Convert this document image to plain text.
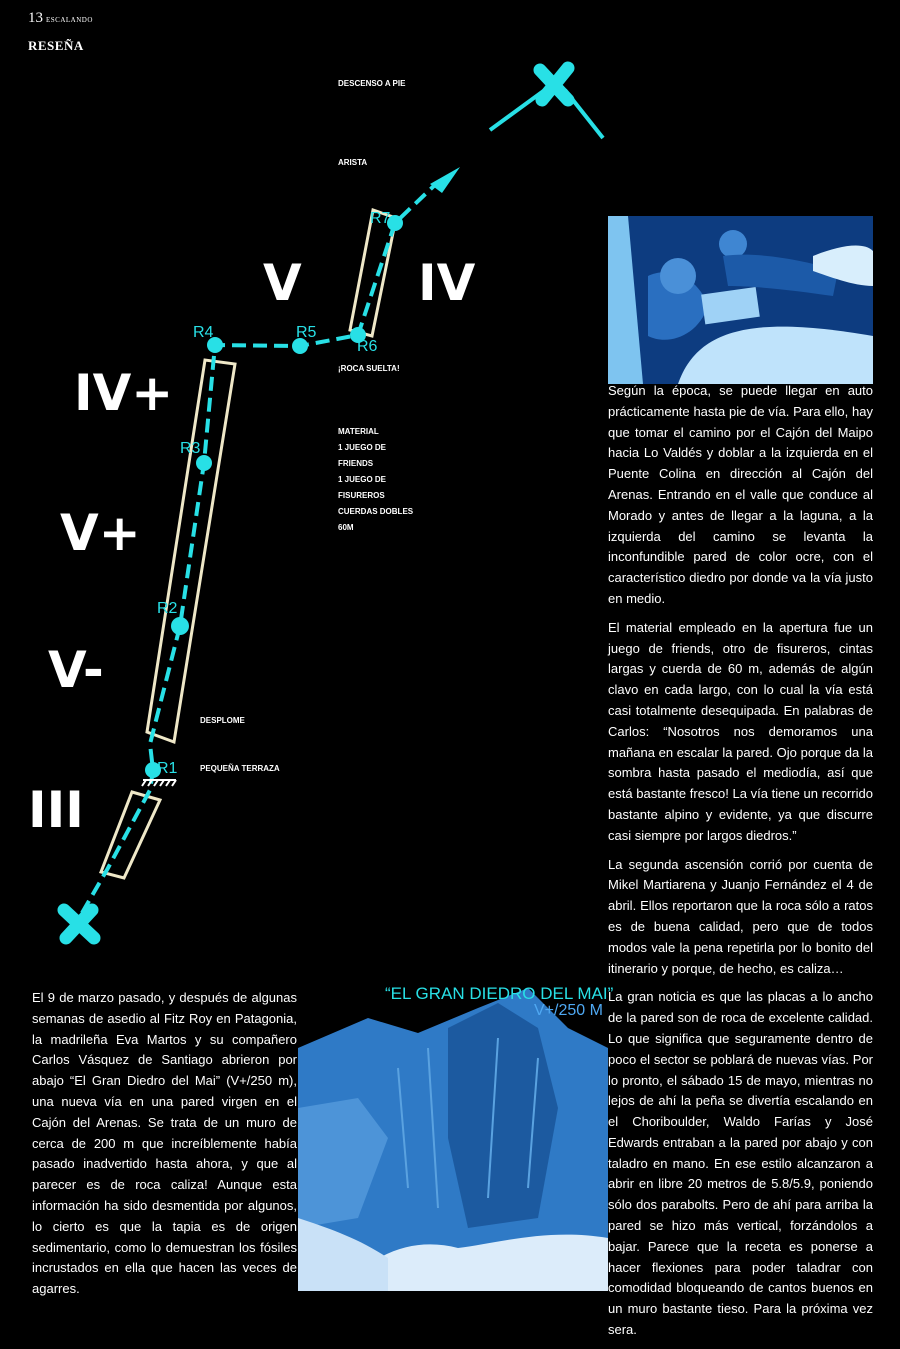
13 ESCALANDO
RESEÑA
V IV
IV+
V+
V-
III
R1
R2
R3
R4	R5
R6
R7
DESCENSO A PIE
ARISTA
¡ROCA SUELTA!
MATERIAL
1 JUEGO DE
FRIENDS
1 JUEGO DE
FISUREROS
CUERDAS DOBLES
60M
DESPLOME
PEQUEÑA TERRAZA
“EL GRAN DIEDRO DEL MAI”
V+/250 M

El 9 de marzo pasado, y después de algunas semanas de asedio al Fitz Roy en Patagonia, la madrileña Eva Martos y su compañero Carlos Vásquez de Santiago abrieron por abajo “El Gran Diedro del Mai” (V+/250 m), una nueva vía en una pared virgen en el Cajón del Arenas. Se trata de un muro de cerca de 200 m que increíblemente había pasado inadvertido hasta ahora, y que al parecer es de roca caliza! Aunque esta información ha sido desmentida por algunos, lo cierto es que la tapia es de origen sedimentario, como lo demuestran los fósiles incrustados en ella que hacen las veces de agarres.

Según la época, se puede llegar en auto prácticamente hasta pie de vía. Para ello, hay que tomar el camino por el Cajón del Maipo hacia Lo Valdés y doblar a la izquierda en el Puente Colina en dirección al Cajón del Arenas. Entrando en el valle que conduce al Morado y antes de llegar a la laguna, a la izquierda del camino se levanta la inconfundible pared de color ocre, con el característico diedro por donde va la vía justo en medio.

El material empleado en la apertura fue un juego de friends, otro de fisureros, cintas largas y cuerda de 60 m, además de algún clavo en cada largo, con lo cual la vía está casi totalmente desequipada. En palabras de Carlos: “Nosotros nos demoramos una mañana en escalar la pared. Ojo porque da la sombra hasta pasado el mediodía, así que está bastante fresco! La vía tiene un recorrido bastante alpino y evidente, ya que discurre casi siempre por largos diedros.”

La segunda ascensión corrió por cuenta de Mikel Martiarena y Juanjo Fernández el 4 de abril. Ellos reportaron que la roca sólo a ratos es de buena calidad, pero que de todos modos vale la pena repetirla por lo bonito del itinerario y porque, de hecho, es caliza…

La gran noticia es que las placas a lo ancho de la pared son de roca de excelente calidad. Lo que significa que seguramente dentro de poco el sector se poblará de nuevas vías. Por lo pronto, el sábado 15 de mayo, mientras no lejos de ahí la peña se divertía escalando en el Choriboulder, Waldo Farías y José Edwards entraban a la pared por abajo y con taladro en mano. En ese estilo alcanzaron a abrir en libre 20 metros de 5.8/5.9, poniendo sólo dos parabolts. Pero de ahí para arriba la pared se hizo más vertical, forzándolos a bajar. Parece que la receta es ponerse a hacer flexiones para poder taladrar con comodidad bloqueando de cantos buenos en un muro bastante tieso. Para la próxima vez sera.
